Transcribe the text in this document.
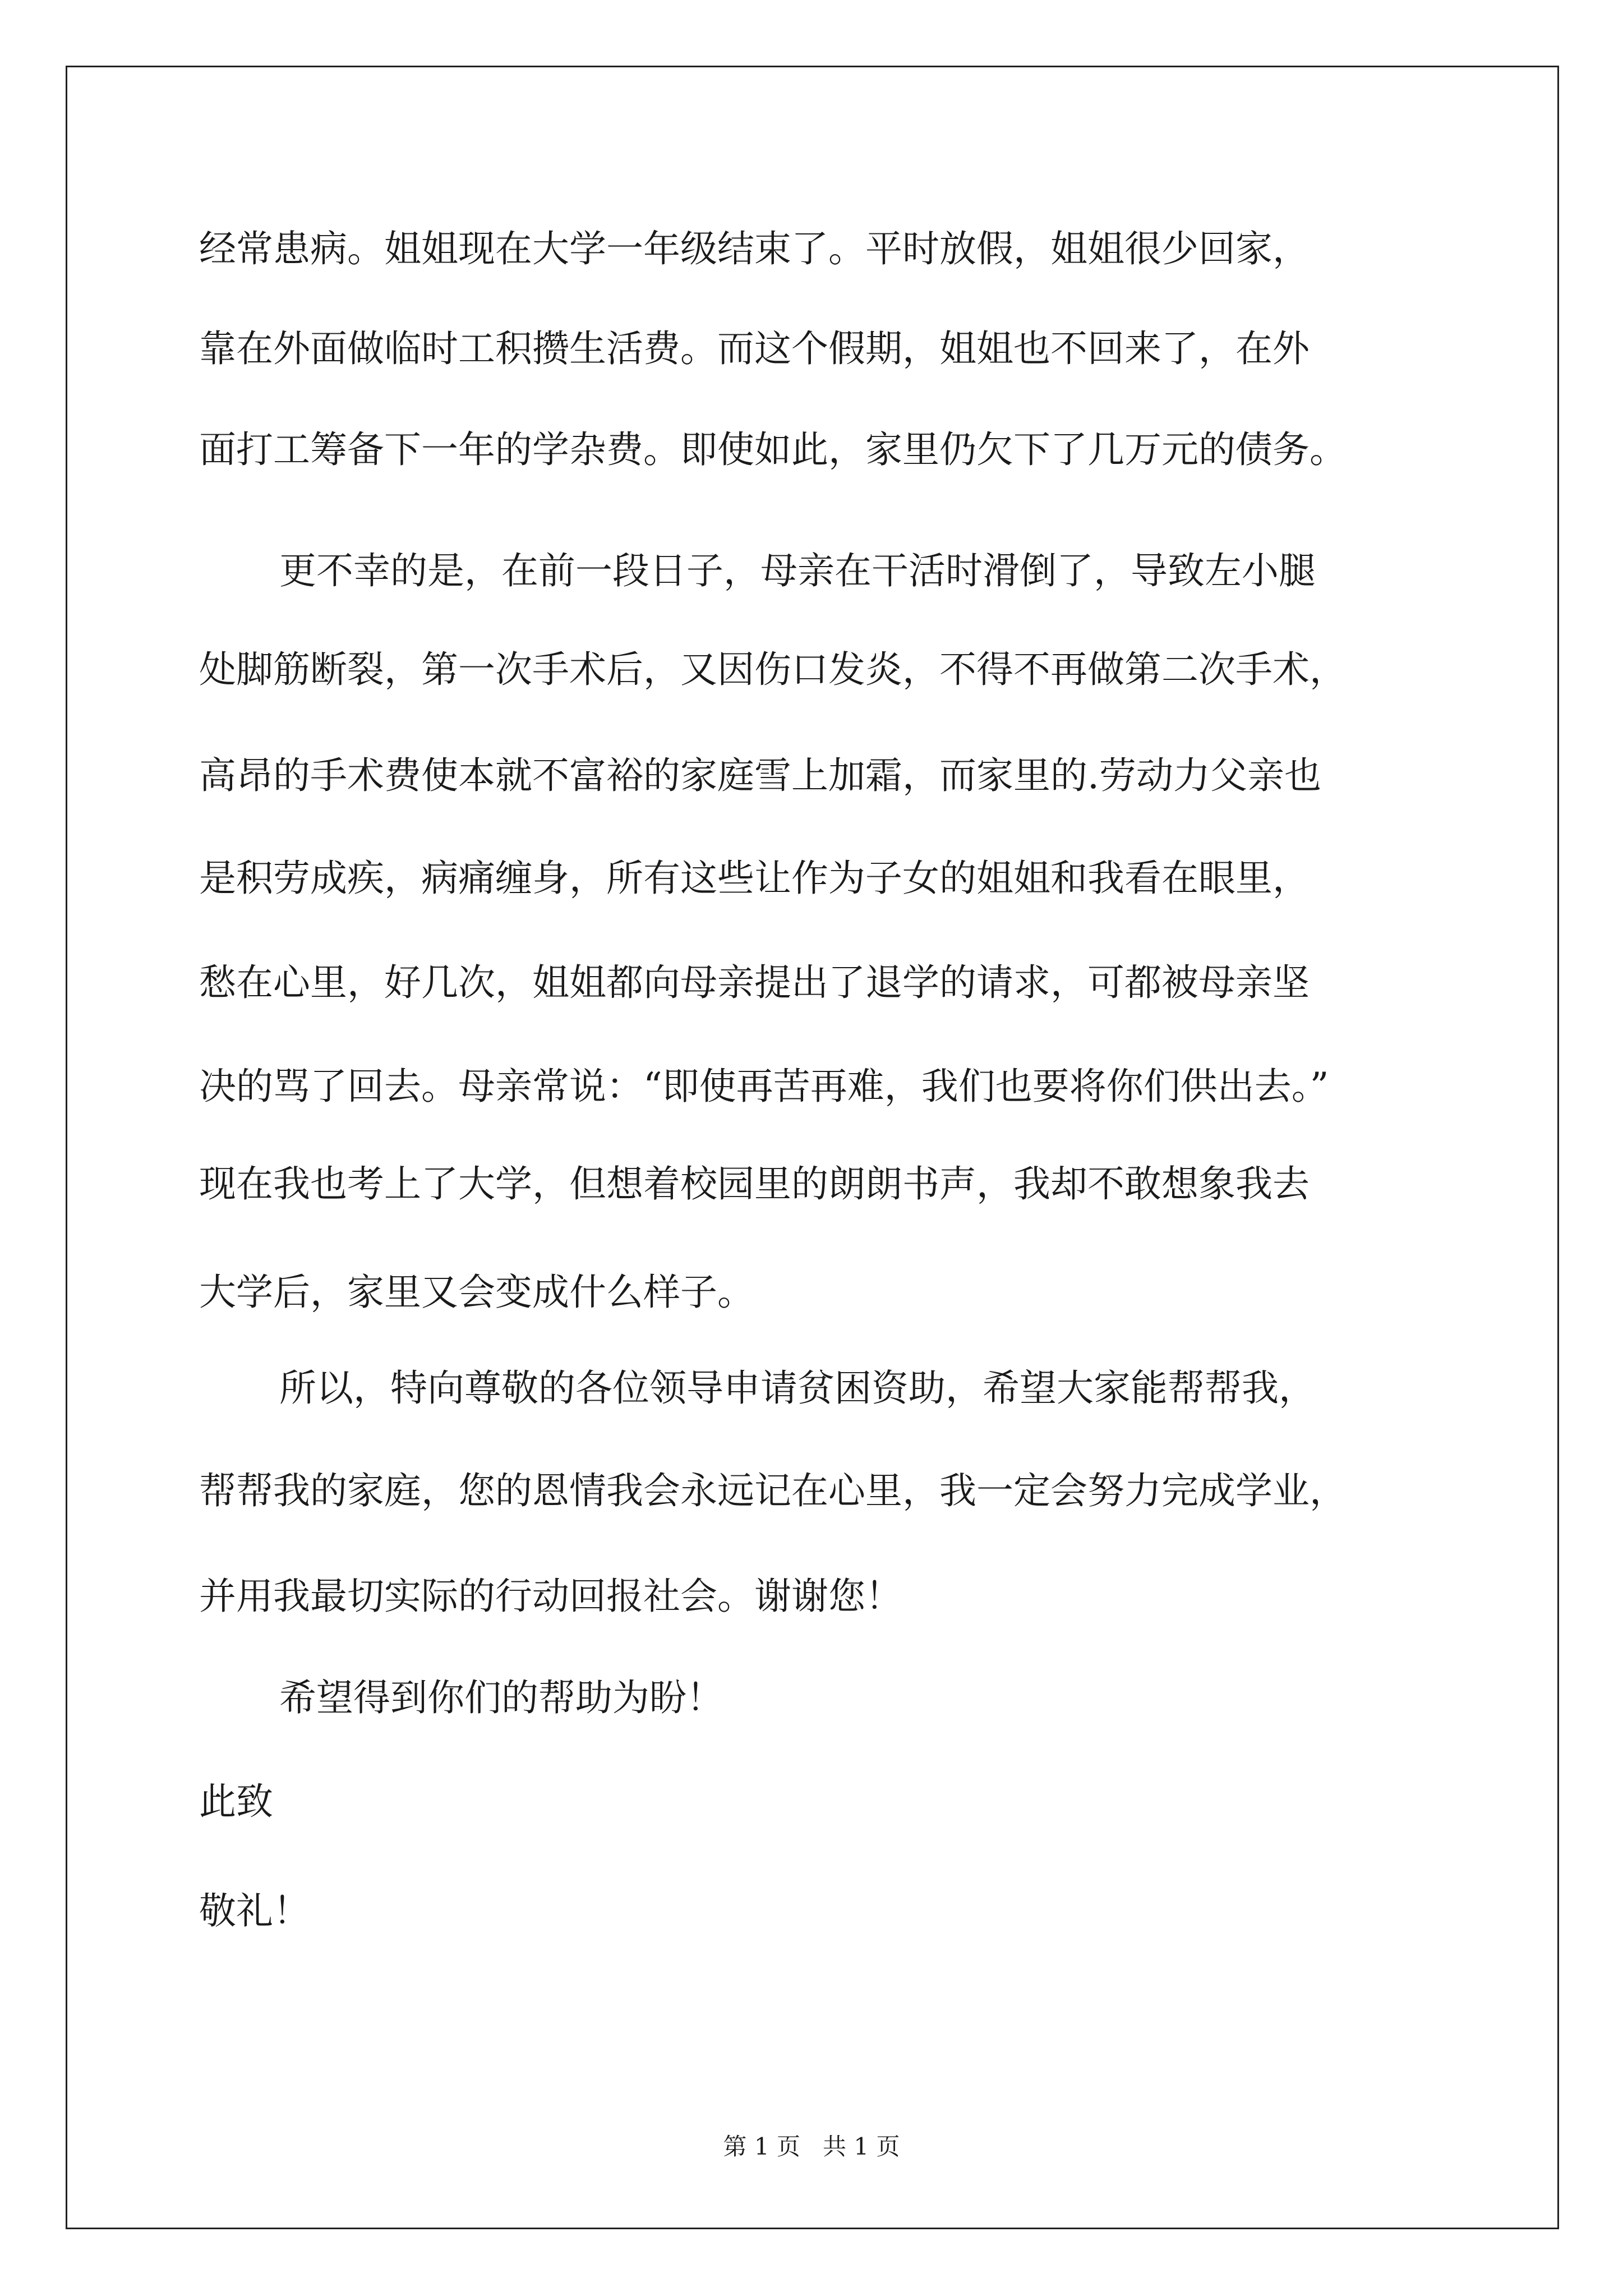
经常患病。姐姐现在大学一年级结束了。平时放假，姐姐很少回家，
靠在外面做临时工积攒生活费。而这个假期，姐姐也不回来了，在外
面打工筹备下一年的学杂费。即使如此，家里仍欠下了几万元的债务。
更不幸的是，在前一段日子，母亲在干活时滑倒了，导致左小腿
处脚筋断裂，第一次手术后，又因伤口发炎，不得不再做第二次手术，
高昂的手术费使本就不富裕的家庭雪上加霜，而家里的.劳动力父亲也
是积劳成疾，病痛缠身，所有这些让作为子女的姐姐和我看在眼里，
愁在心里，好几次，姐姐都向母亲提出了退学的请求，可都被母亲坚
决的骂了回去。母亲常说：“即使再苦再难，我们也要将你们供出去。”
现在我也考上了大学，但想着校园里的朗朗书声，我却不敢想象我去
大学后，家里又会变成什么样子。
所以，特向尊敬的各位领导申请贫困资助，希望大家能帮帮我，
帮帮我的家庭，您的恩情我会永远记在心里，我一定会努力完成学业，
并用我最切实际的行动回报社会。谢谢您！
希望得到你们的帮助为盼！
此致
敬礼！
第 1 页   共 1 页
